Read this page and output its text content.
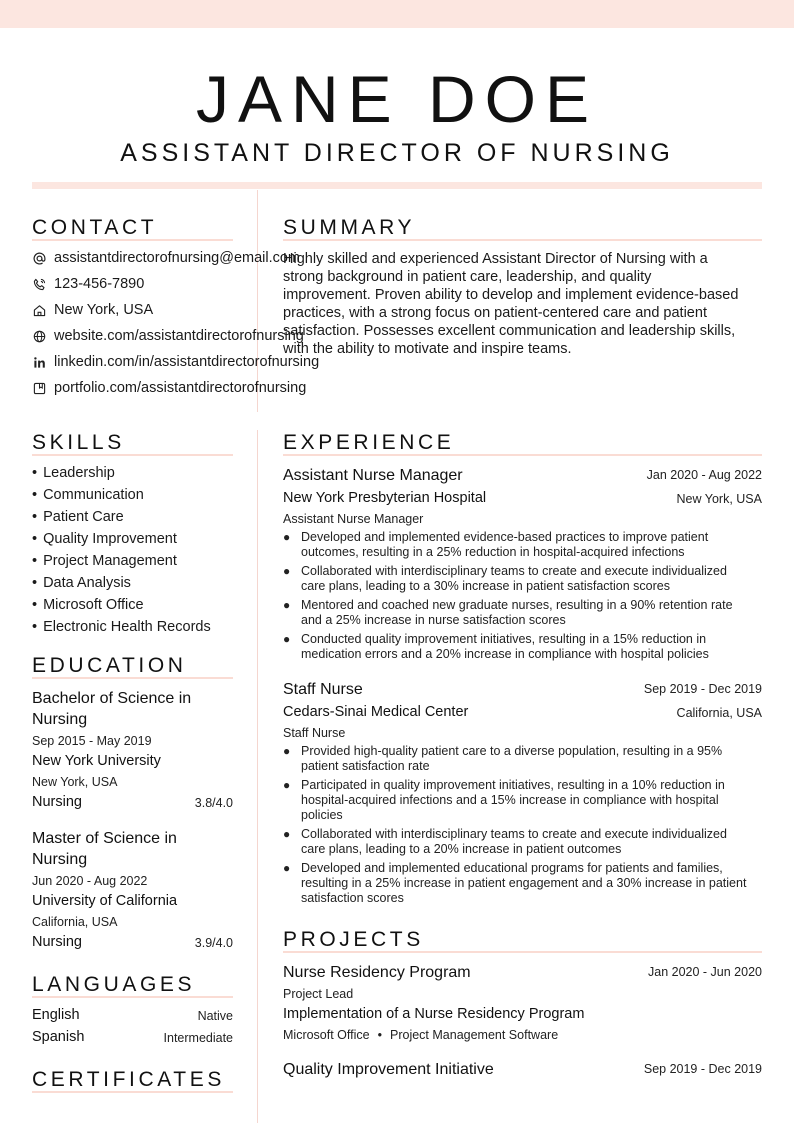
JANE DOE
ASSISTANT DIRECTOR OF NURSING
CONTACT
assistantdirectorofnursing@email.com
123-456-7890
New York, USA
website.com/assistantdirectorofnursing
linkedin.com/in/assistantdirectorofnursing
portfolio.com/assistantdirectorofnursing
SUMMARY
Highly skilled and experienced Assistant Director of Nursing with a strong background in patient care, leadership, and quality improvement. Proven ability to develop and implement evidence-based practices, with a strong focus on patient-centered care and patient satisfaction. Possesses excellent communication and leadership skills, with the ability to motivate and inspire teams.
SKILLS
• Leadership
• Communication
• Patient Care
• Quality Improvement
• Project Management
• Data Analysis
• Microsoft Office
• Electronic Health Records
EDUCATION
Bachelor of Science in
Nursing
Sep 2015 - May 2019
New York University
New York, USA
Nursing	3.8/4.0
Master of Science in
Nursing
Jun 2020 - Aug 2022
University of California
California, USA
Nursing	3.9/4.0
LANGUAGES
English	Native
Spanish	Intermediate
CERTIFICATES
EXPERIENCE
Assistant Nurse Manager	Jan 2020 - Aug 2022
New York Presbyterian Hospital	New York, USA
Assistant Nurse Manager
● Developed and implemented evidence-based practices to improve patient
outcomes, resulting in a 25% reduction in hospital-acquired infections
● Collaborated with interdisciplinary teams to create and execute individualized
care plans, leading to a 30% increase in patient satisfaction scores
● Mentored and coached new graduate nurses, resulting in a 90% retention rate
and a 25% increase in nurse satisfaction scores
● Conducted quality improvement initiatives, resulting in a 15% reduction in
medication errors and a 20% increase in compliance with hospital policies
Staff Nurse	Sep 2019 - Dec 2019
Cedars-Sinai Medical Center	California, USA
Staff Nurse
● Provided high-quality patient care to a diverse population, resulting in a 95%
patient satisfaction rate
● Participated in quality improvement initiatives, resulting in a 10% reduction in
hospital-acquired infections and a 15% increase in compliance with hospital
policies
● Collaborated with interdisciplinary teams to create and execute individualized
care plans, leading to a 20% increase in patient outcomes
● Developed and implemented educational programs for patients and families,
resulting in a 25% increase in patient engagement and a 30% increase in patient
satisfaction scores
PROJECTS
Nurse Residency Program	Jan 2020 - Jun 2020
Project Lead
Implementation of a Nurse Residency Program
Microsoft Office • Project Management Software
Quality Improvement Initiative	Sep 2019 - Dec 2019
